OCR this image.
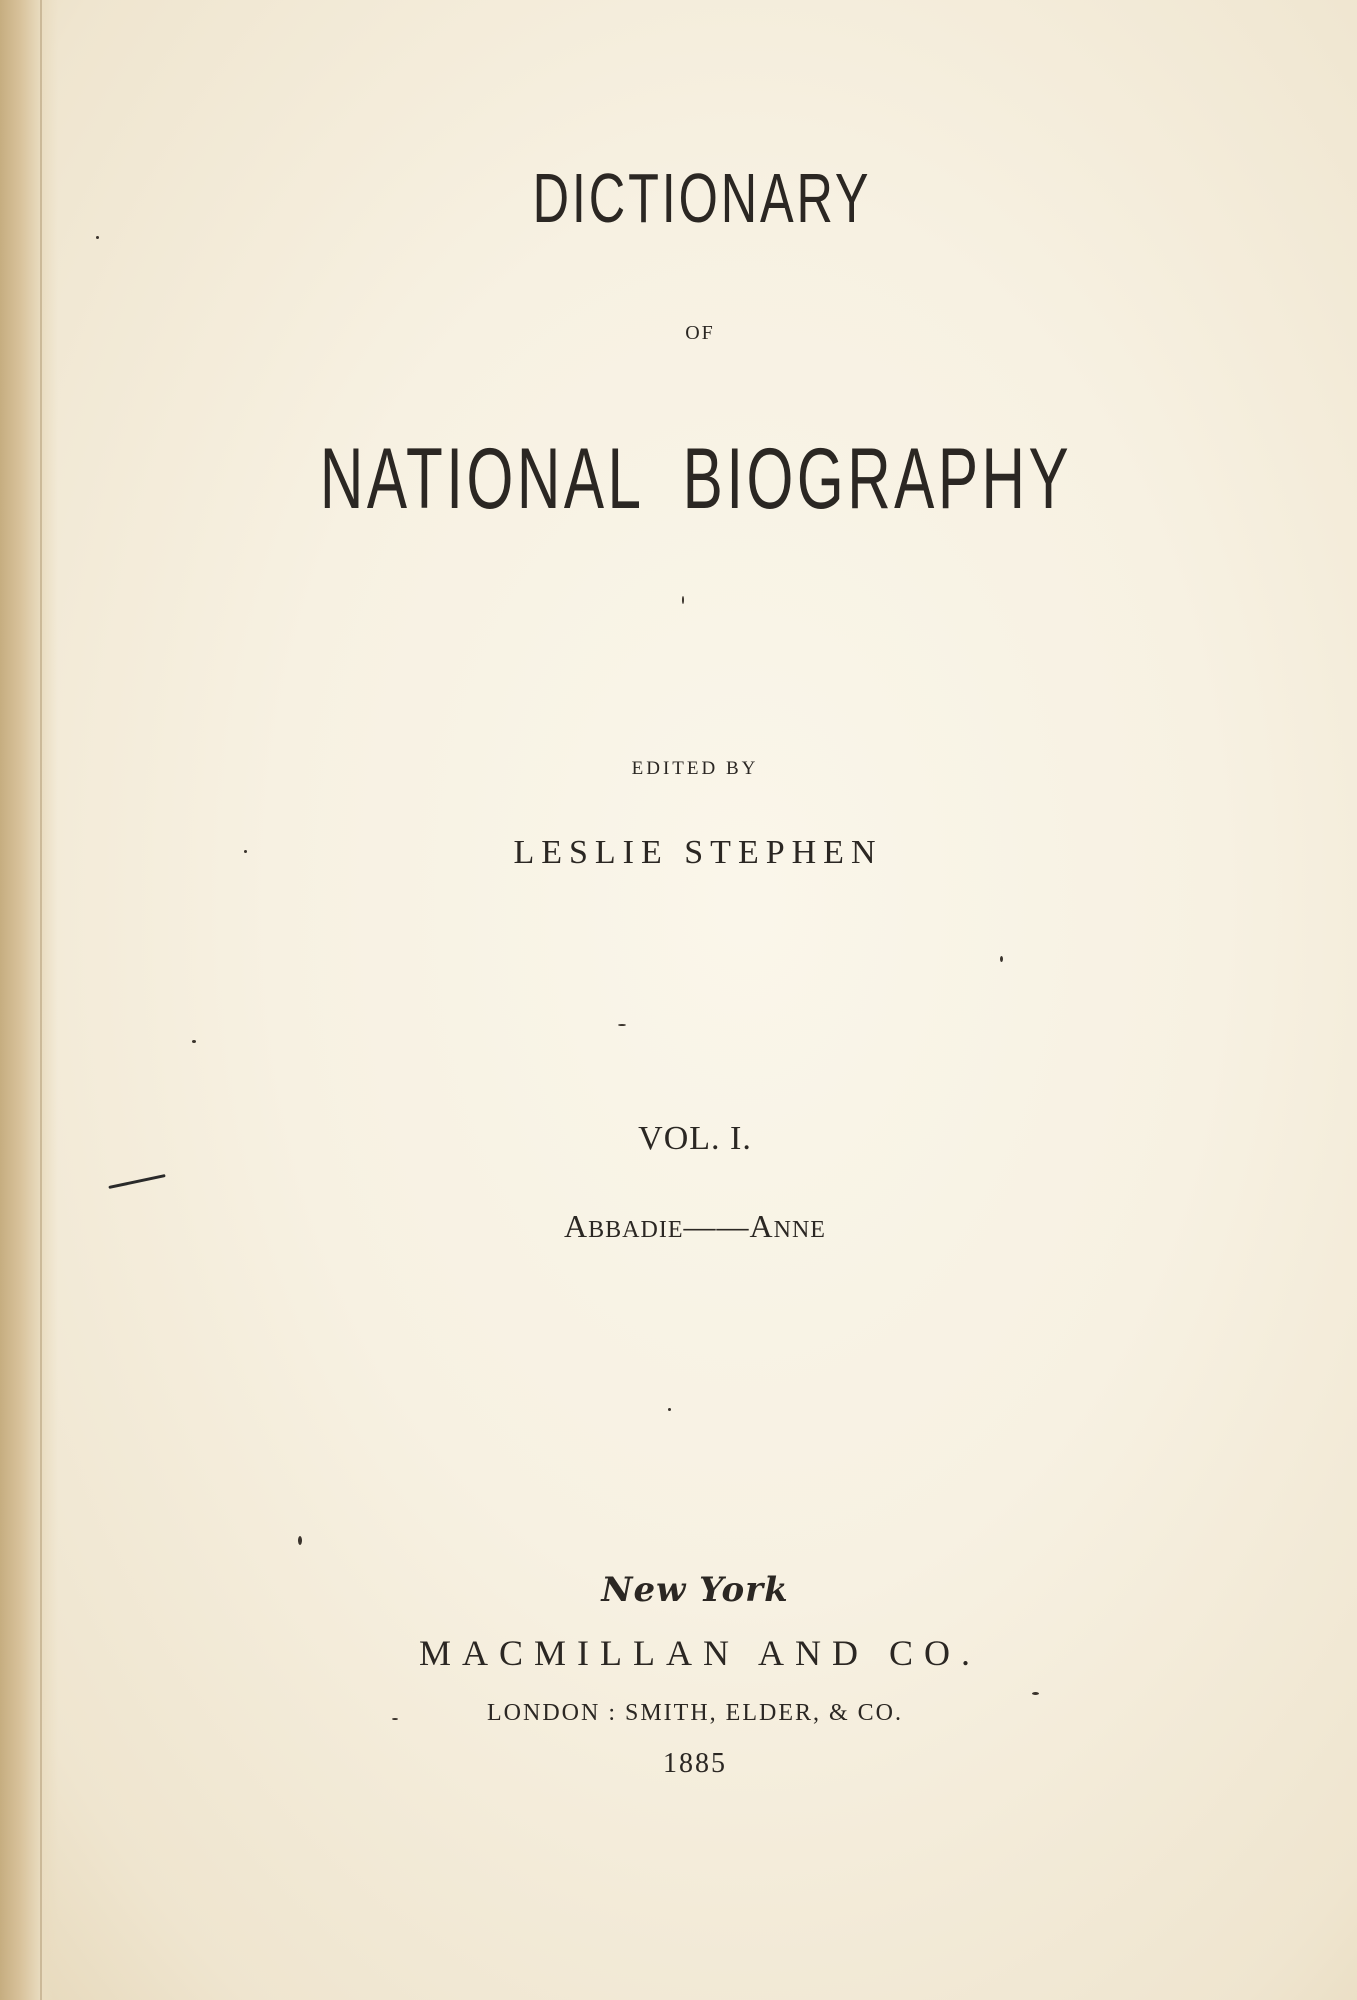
DICTIONARY
OF
NATIONAL  BIOGRAPHY
EDITED BY
LESLIE STEPHEN
VOL. I.
ABBADIE——ANNE
New York
MACMILLAN AND CO.
LONDON : SMITH, ELDER, & CO.
1885
